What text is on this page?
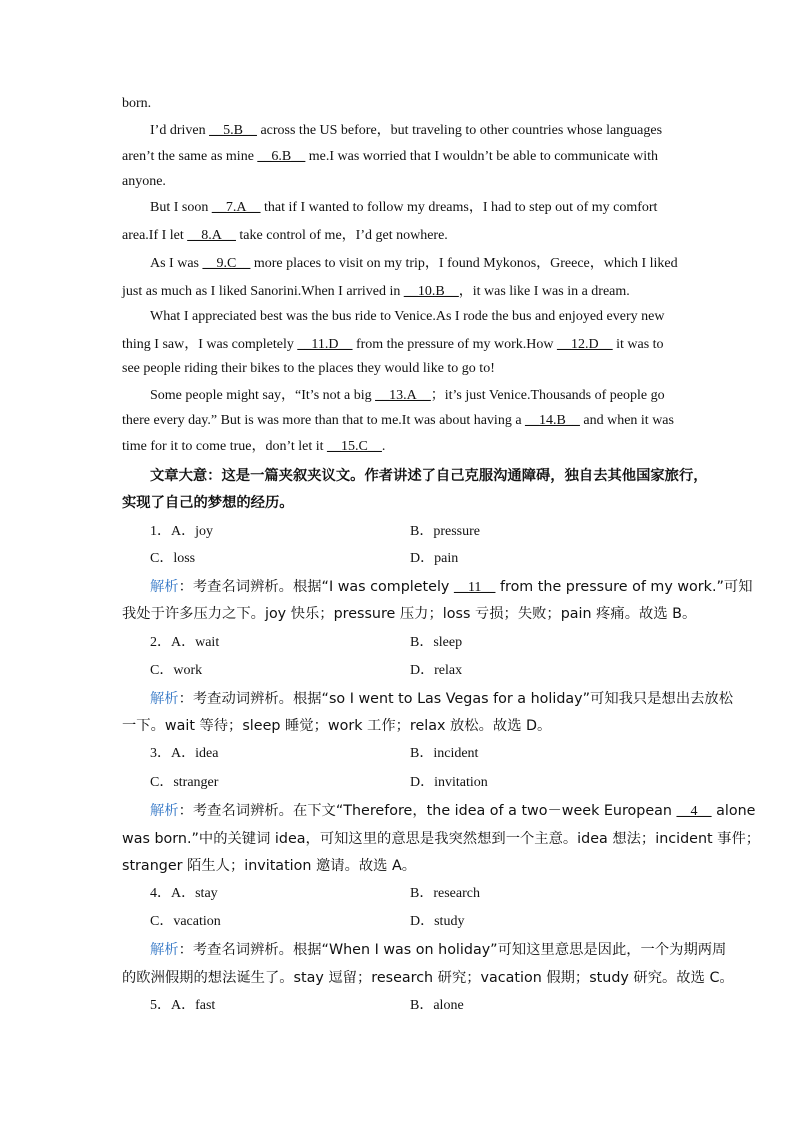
born.
I’d driven __5.B__ across the US before，but traveling to other countries whose languages
aren’t the same as mine __6.B__ me.I was worried that I wouldn’t be able to communicate with
anyone.
But I soon __7.A__ that if I wanted to follow my dreams，I had to step out of my comfort
area.If I let __8.A__ take control of me，I’d get nowhere.
As I was __9.C__ more places to visit on my trip，I found Mykonos，Greece，which I liked
just as much as I liked Sanorini.When I arrived in __10.B__，it was like I was in a dream.
What I appreciated best was the bus ride to Venice.As I rode the bus and enjoyed every new
thing I saw，I was completely __11.D__ from the pressure of my work.How __12.D__ it was to
see people riding their bikes to the places they would like to go to!
Some people might say，“It’s not a big __13.A__；it’s just Venice.Thousands of people go
there every day.” But is was more than that to me.It was about having a __14.B__ and when it was
time for it to come true，don’t let it __15.C__.
文章大意：这是一篇夹叙夹议文。作者讲述了自己克服沟通障碍，独自去其他国家旅行，
实现了自己的梦想的经历。
1．A．joy	B．pressure
C．loss	D．pain
解析：考查名词辨析。根据“I was completely __11__ from the pressure of my work.”可知
我处于许多压力之下。joy 快乐；pressure 压力；loss 亏损；失败；pain 疼痛。故选 B。
2．A．wait	B．sleep
C．work	D．relax
解析：考查动词辨析。根据“so I went to Las Vegas for a holiday”可知我只是想出去放松
一下。wait 等待；sleep 睡觉；work 工作；relax 放松。故选 D。
3．A．idea	B．incident
C．stranger	D．invitation
解析：考查名词辨析。在下文“Therefore，the idea of a two－week European __4__ alone
was born.”中的关键词 idea，可知这里的意思是我突然想到一个主意。idea 想法；incident 事件；
stranger 陌生人；invitation 邀请。故选 A。
4．A．stay	B．research
C．vacation	D．study
解析：考查名词辨析。根据“When I was on holiday”可知这里意思是因此，一个为期两周
的欧洲假期的想法诞生了。stay 逗留；research 研究；vacation 假期；study 研究。故选 C。
5．A．fast	B．alone
